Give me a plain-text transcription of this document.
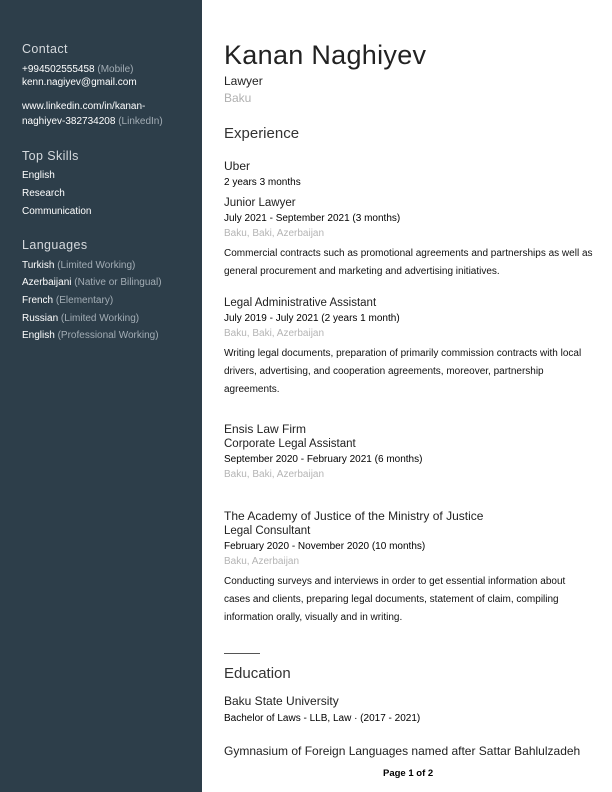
Contact
+994502555458 (Mobile)
kenn.nagiyev@gmail.com
www.linkedin.com/in/kanan-
naghiyev-382734208 (LinkedIn)
Top Skills
English
Research
Communication
Languages
Turkish (Limited Working)
Azerbaijani (Native or Bilingual)
French (Elementary)
Russian (Limited Working)
English (Professional Working)
Kanan Naghiyev
Lawyer
Baku
Experience
Uber
2 years 3 months
Junior Lawyer
July 2021 - September 2021 (3 months)
Baku, Baki, Azerbaijan
Commercial contracts such as promotional agreements and partnerships as well as general procurement and marketing and advertising initiatives.
Legal Administrative Assistant
July 2019 - July 2021 (2 years 1 month)
Baku, Baki, Azerbaijan
Writing legal documents, preparation of primarily commission contracts with local drivers, advertising, and cooperation agreements, moreover, partnership agreements.
Ensis Law Firm
Corporate Legal Assistant
September 2020 - February 2021 (6 months)
Baku, Baki, Azerbaijan
The Academy of Justice of the Ministry of Justice
Legal Consultant
February 2020 - November 2020 (10 months)
Baku, Azerbaijan
Conducting surveys and interviews in order to get essential information about cases and clients, preparing legal documents, statement of claim, compiling information orally, visually and in writing.
Education
Baku State University
Bachelor of Laws - LLB, Law · (2017 - 2021)
Gymnasium of Foreign Languages named after Sattar Bahlulzadeh
Page 1 of 2
